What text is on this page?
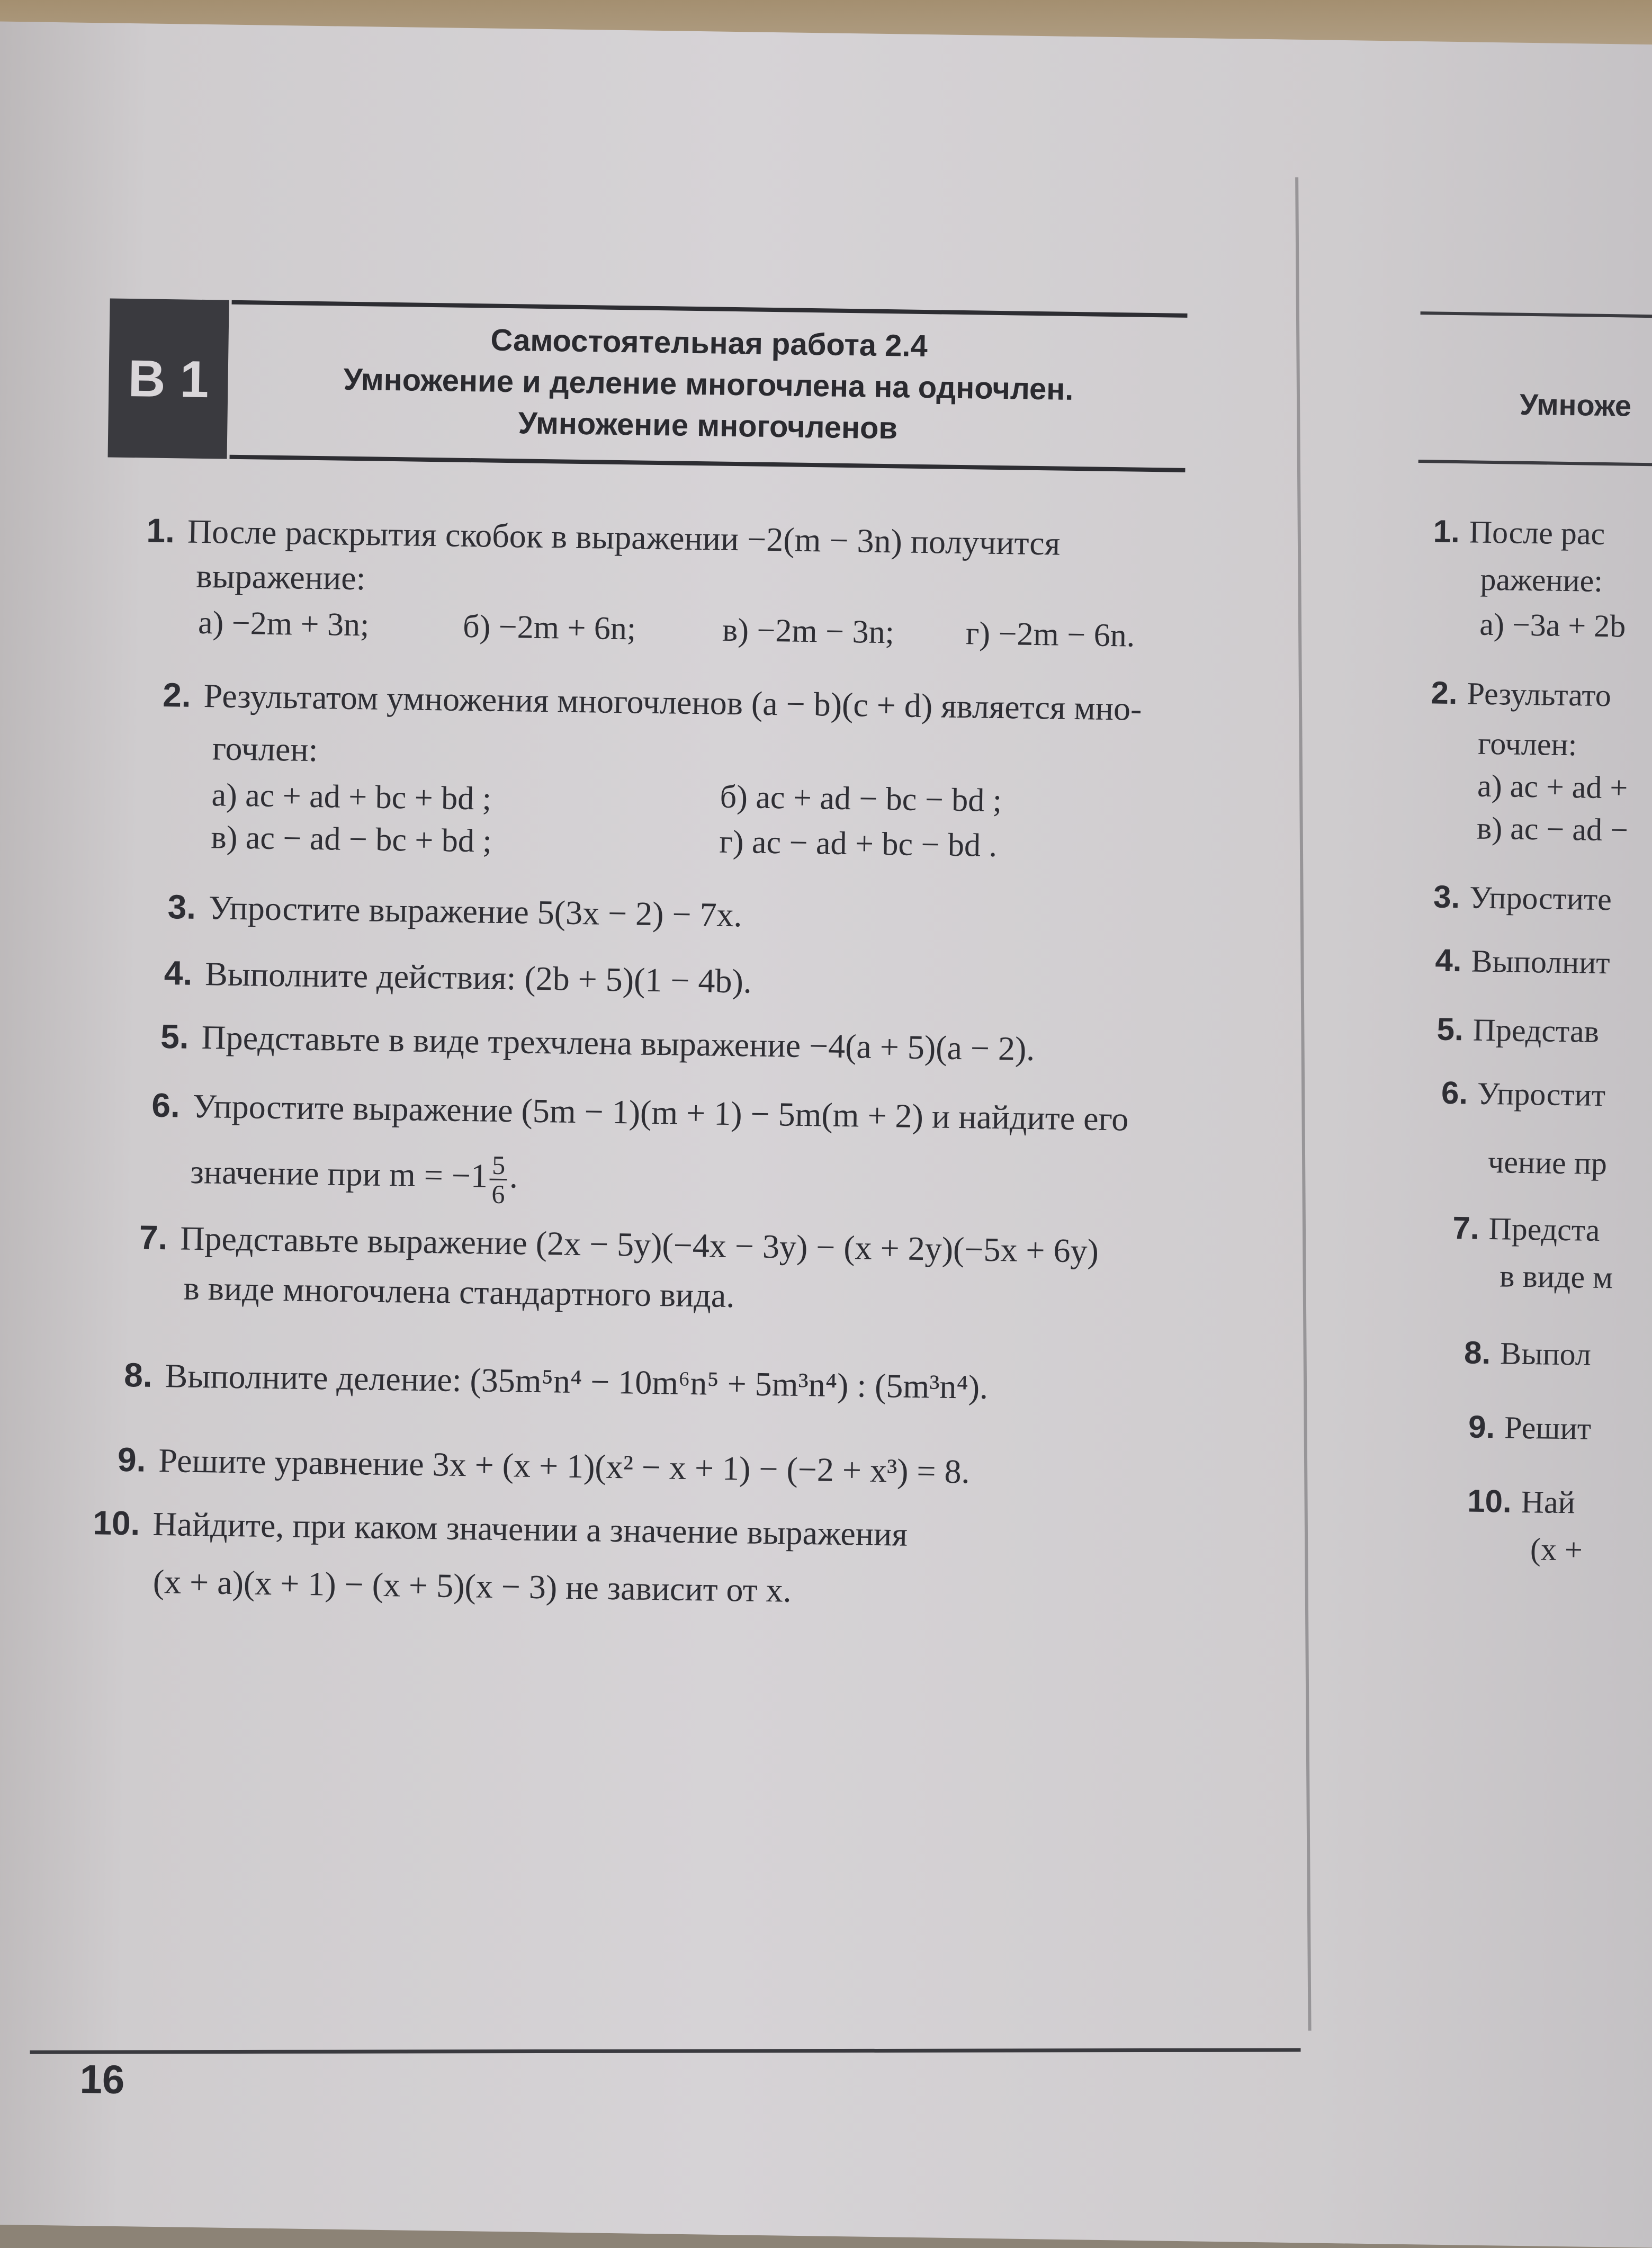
В 1
Самостоятельная работа 2.4
Умножение и деление многочлена на одночлен.
Умножение многочленов
1. После раскрытия скобок в выражении −2(m − 3n) получится
выражение:
а) −2m + 3n;	б) −2m + 6n;	в) −2m − 3n; г) −2m − 6n.
2. Результатом умножения многочленов (a − b)(c + d) является мно-
гочлен:
а) ac + ad + bc + bd ;	б) ac + ad − bc − bd ;
в) ac − ad − bc + bd ;	г) ac − ad + bc − bd .
3. Упростите выражение 5(3x − 2) − 7x.
4. Выполните действия: (2b + 5)(1 − 4b).
5. Представьте в виде трехчлена выражение −4(a + 5)(a − 2).
6. Упростите выражение (5m − 1)(m + 1) − 5m(m + 2) и найдите его
значение при $m = -1 \frac{5}{6}$ .
7. Представьте выражение (2x − 5y)(−4x − 3y) − (x + 2y)(−5x + 6y)
в виде многочлена стандартного вида.
8. Выполните деление: (35m⁵n⁴ − 10m⁶n⁵ + 5m³n⁴) : (5m³n⁴).
9. Решите уравнение 3x + (x + 1)(x² − x + 1) − (−2 + x³) = 8.
10. Найдите, при каком значении a значение выражения
(x + a)(x + 1) − (x + 5)(x − 3) не зависит от x.
16
Умноже
1. После рас
ражение:
а) −3a + 2b
2. Результато
гочлен:
а) ac + ad +
в) ac − ad −
3. Упростите
4. Выполнит
5. Представ
6. Упростит
чение пр
7. Предста
в виде м
8. Выпол
9. Решит
10. Най
(x +
